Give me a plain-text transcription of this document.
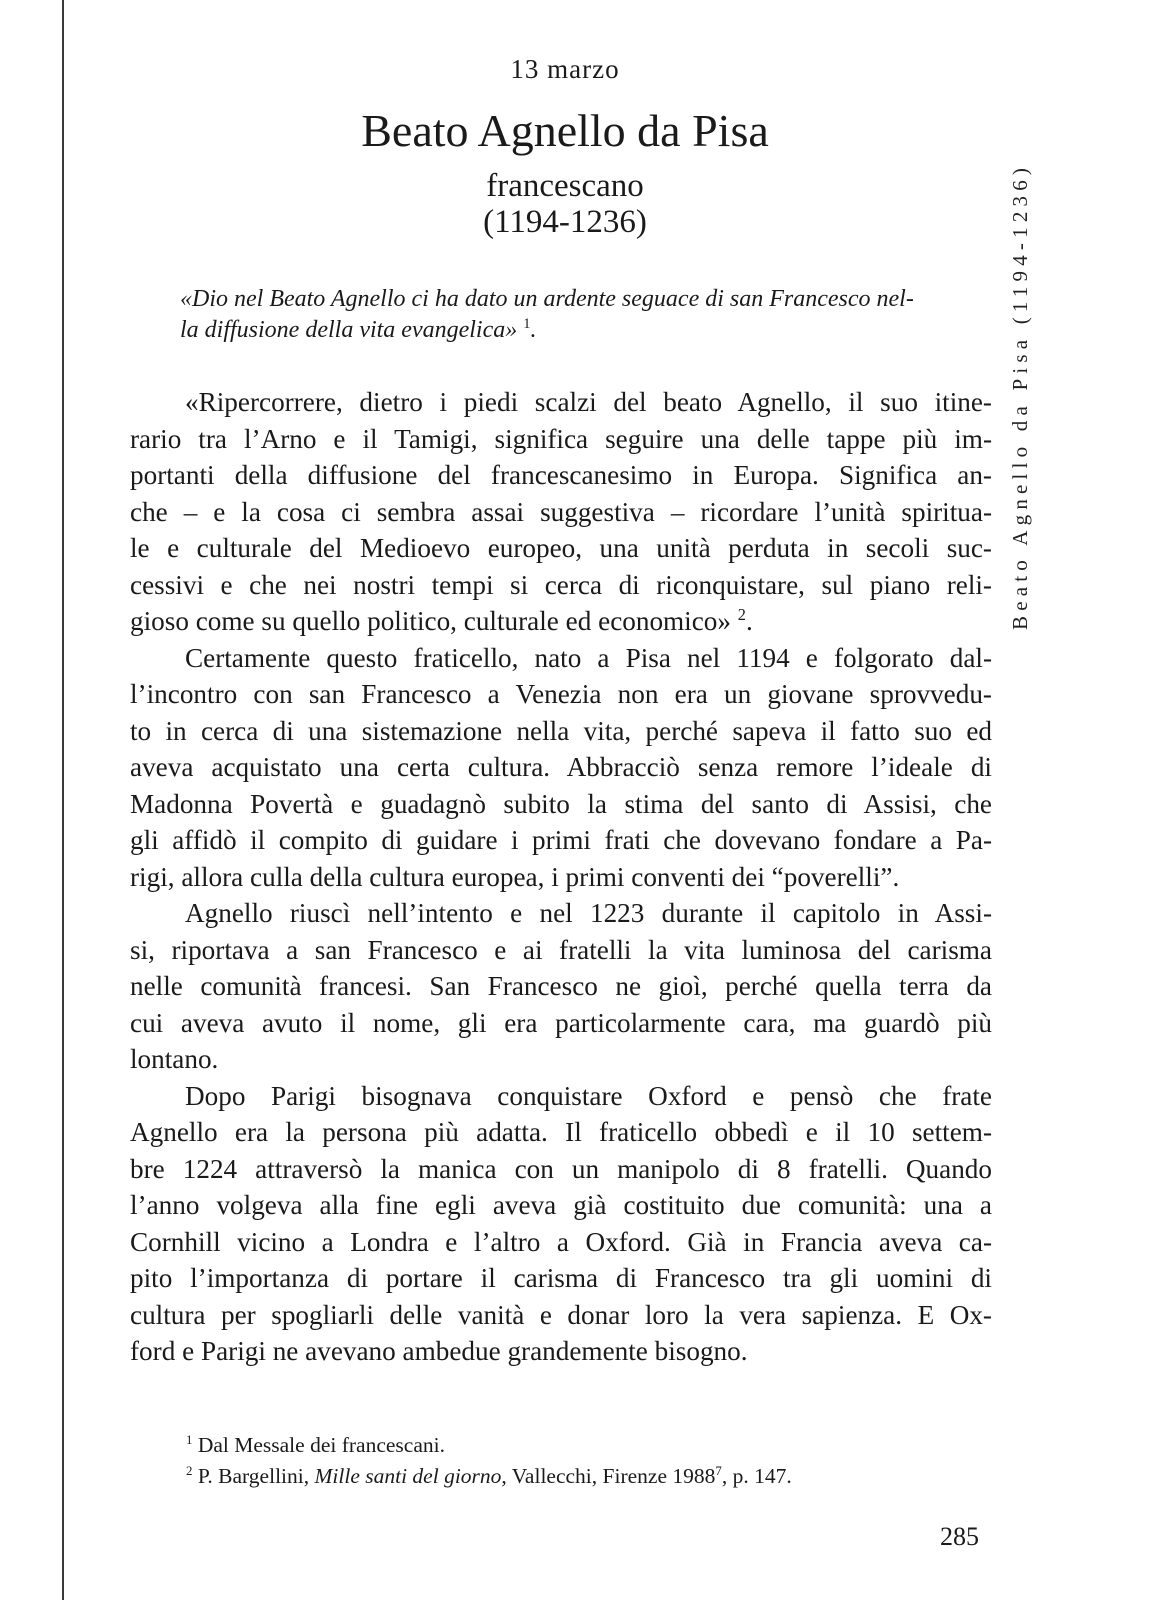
13 marzo
Beato Agnello da Pisa
francescano
(1194-1236)
«Dio nel Beato Agnello ci ha dato un ardente seguace di san Francesco nel-
la diffusione della vita evangelica» $^1$.
«Ripercorrere, dietro i piedi scalzi del beato Agnello, il suo itine-
rario tra l’Arno e il Tamigi, significa seguire una delle tappe più im-
portanti della diffusione del francescanesimo in Europa. Significa an-
che – e la cosa ci sembra assai suggestiva – ricordare l’unità spiritua-
le e culturale del Medioevo europeo, una unità perduta in secoli suc-
cessivi e che nei nostri tempi si cerca di riconquistare, sul piano reli-
gioso come su quello politico, culturale ed economico» $^2$.
Certamente questo fraticello, nato a Pisa nel 1194 e folgorato dal-
l’incontro con san Francesco a Venezia non era un giovane sprovvedu-
to in cerca di una sistemazione nella vita, perché sapeva il fatto suo ed
aveva acquistato una certa cultura. Abbracciò senza remore l’ideale di
Madonna Povertà e guadagnò subito la stima del santo di Assisi, che
gli affidò il compito di guidare i primi frati che dovevano fondare a Pa-
rigi, allora culla della cultura europea, i primi conventi dei “poverelli”.
Agnello riuscì nell’intento e nel 1223 durante il capitolo in Assi-
si, riportava a san Francesco e ai fratelli la vita luminosa del carisma
nelle comunità francesi. San Francesco ne gioì, perché quella terra da
cui aveva avuto il nome, gli era particolarmente cara, ma guardò più
lontano.
Dopo Parigi bisognava conquistare Oxford e pensò che frate
Agnello era la persona più adatta. Il fraticello obbedì e il 10 settem-
bre 1224 attraversò la manica con un manipolo di 8 fratelli. Quando
l’anno volgeva alla fine egli aveva già costituito due comunità: una a
Cornhill vicino a Londra e l’altro a Oxford. Già in Francia aveva ca-
pito l’importanza di portare il carisma di Francesco tra gli uomini di
cultura per spogliarli delle vanità e donar loro la vera sapienza. E Ox-
ford e Parigi ne avevano ambedue grandemente bisogno.
Beato Agnello da Pisa (1194-1236)
$^1$ Dal Messale dei francescani.
$^2$ P. Bargellini, Mille santi del giorno, Vallecchi, Firenze 1988$^7$, p. 147.
285
